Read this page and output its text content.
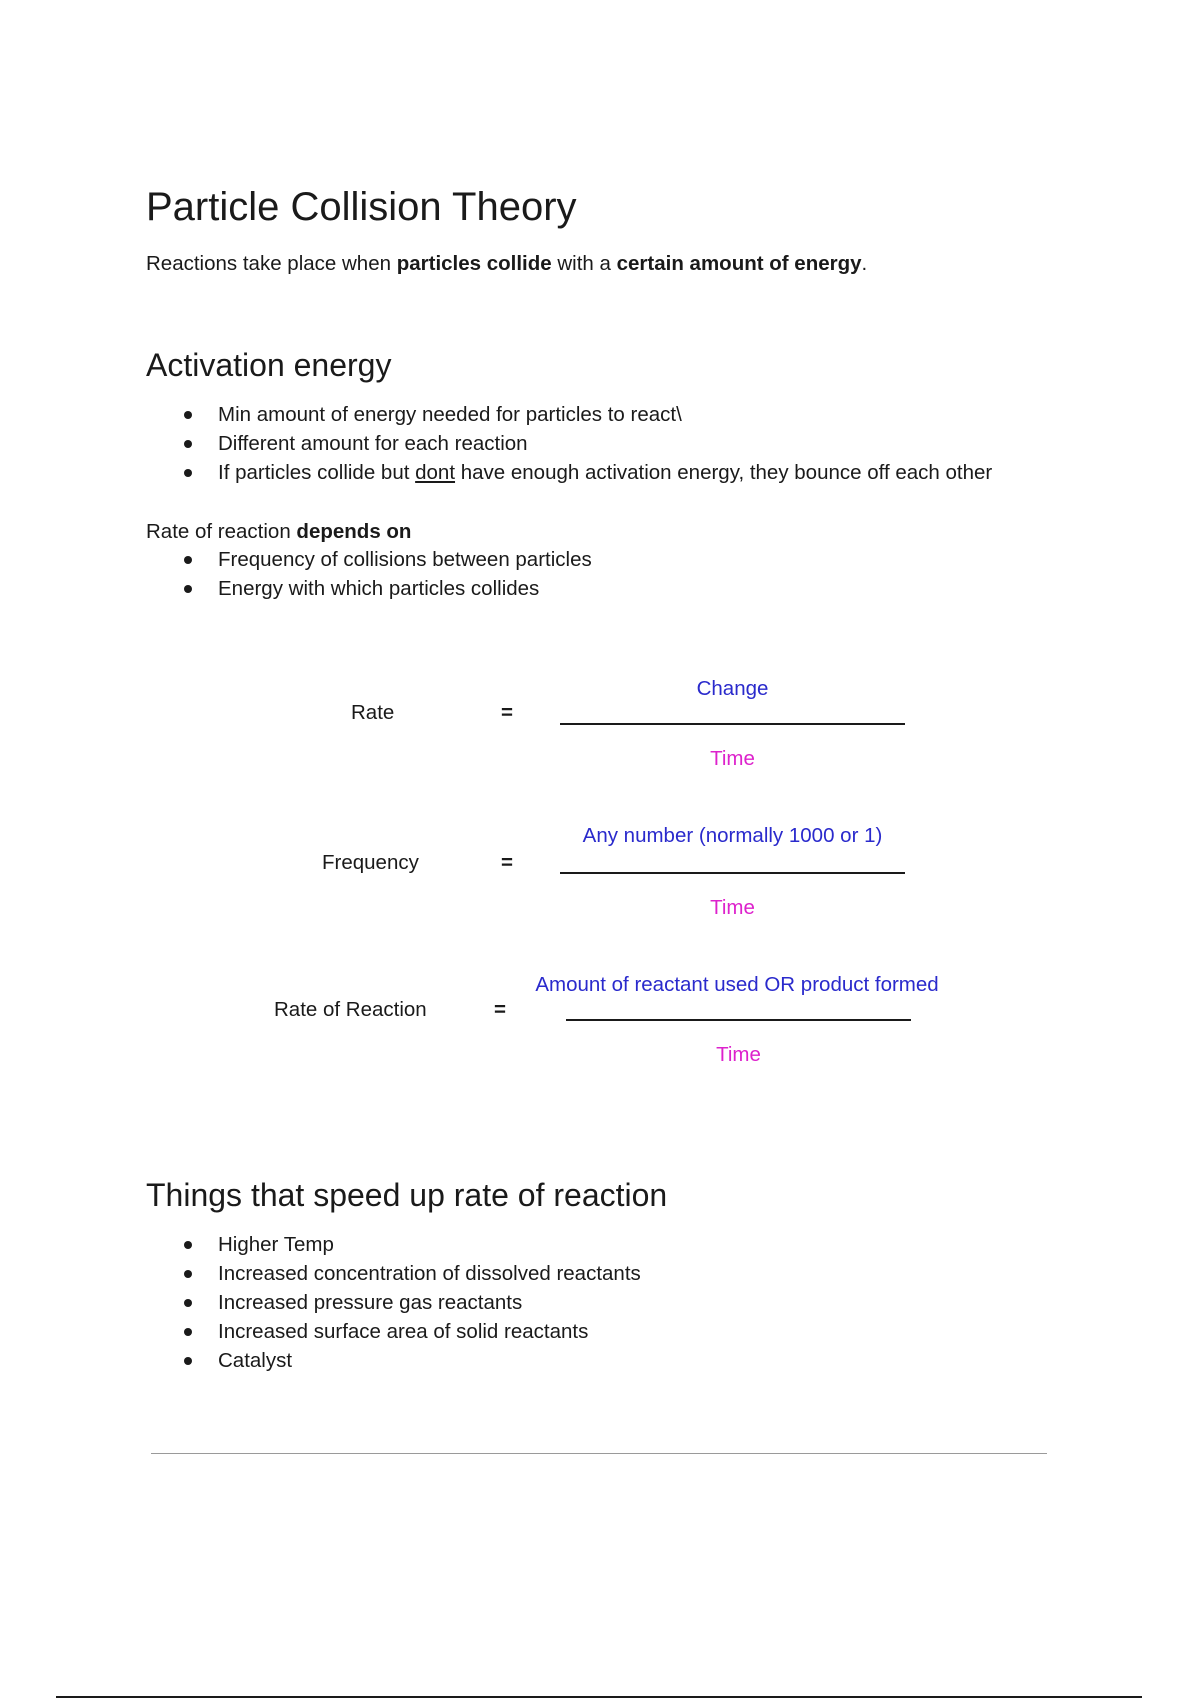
Particle Collision Theory

Reactions take place when particles collide with a certain amount of energy.

Activation energy
Min amount of energy needed for particles to react\
Different amount for each reaction
If particles collide but dont have enough activation energy, they bounce off each other

Rate of reaction depends on

Frequency of collisions between particles
Energy with which particles collides
Rate	=
Change
Time
Frequency	=
Any number (normally 1000 or 1)
Time
Rate of Reaction	=
Amount of reactant used OR product formed
Time
Things that speed up rate of reaction
Higher Temp
Increased concentration of dissolved reactants
Increased pressure gas reactants
Increased surface area of solid reactants
Catalyst
